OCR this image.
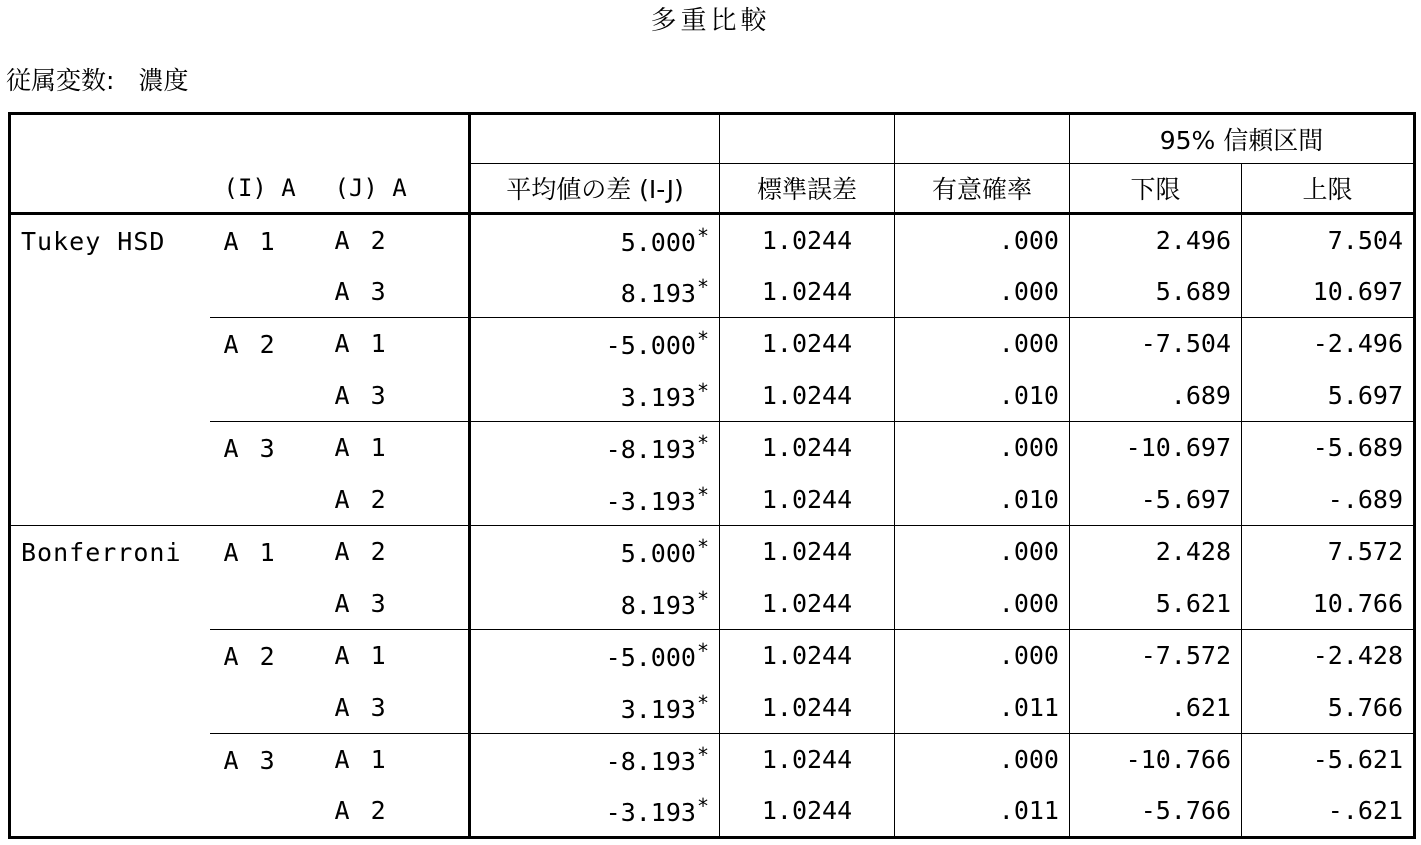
多重比較
従属変数: 濃度
						95% 信頼区間	
	(I) A	(J) A	平均値の差 (I-J)	標準誤差	有意確率	下限	上限
Tukey HSD	A 1	A 2	5.000*	1.0244	.000	2.496	7.504
		A 3	8.193*	1.0244	.000	5.689	10.697
	A 2	A 1	-5.000*	1.0244	.000	-7.504	-2.496
		A 3	3.193*	1.0244	.010	.689	5.697
	A 3	A 1	-8.193*	1.0244	.000	-10.697	-5.689
		A 2	-3.193*	1.0244	.010	-5.697	-.689
Bonferroni	A 1	A 2	5.000*	1.0244	.000	2.428	7.572
		A 3	8.193*	1.0244	.000	5.621	10.766
	A 2	A 1	-5.000*	1.0244	.000	-7.572	-2.428
		A 3	3.193*	1.0244	.011	.621	5.766
	A 3	A 1	-8.193*	1.0244	.000	-10.766	-5.621
		A 2	-3.193*	1.0244	.011	-5.766	-.621
